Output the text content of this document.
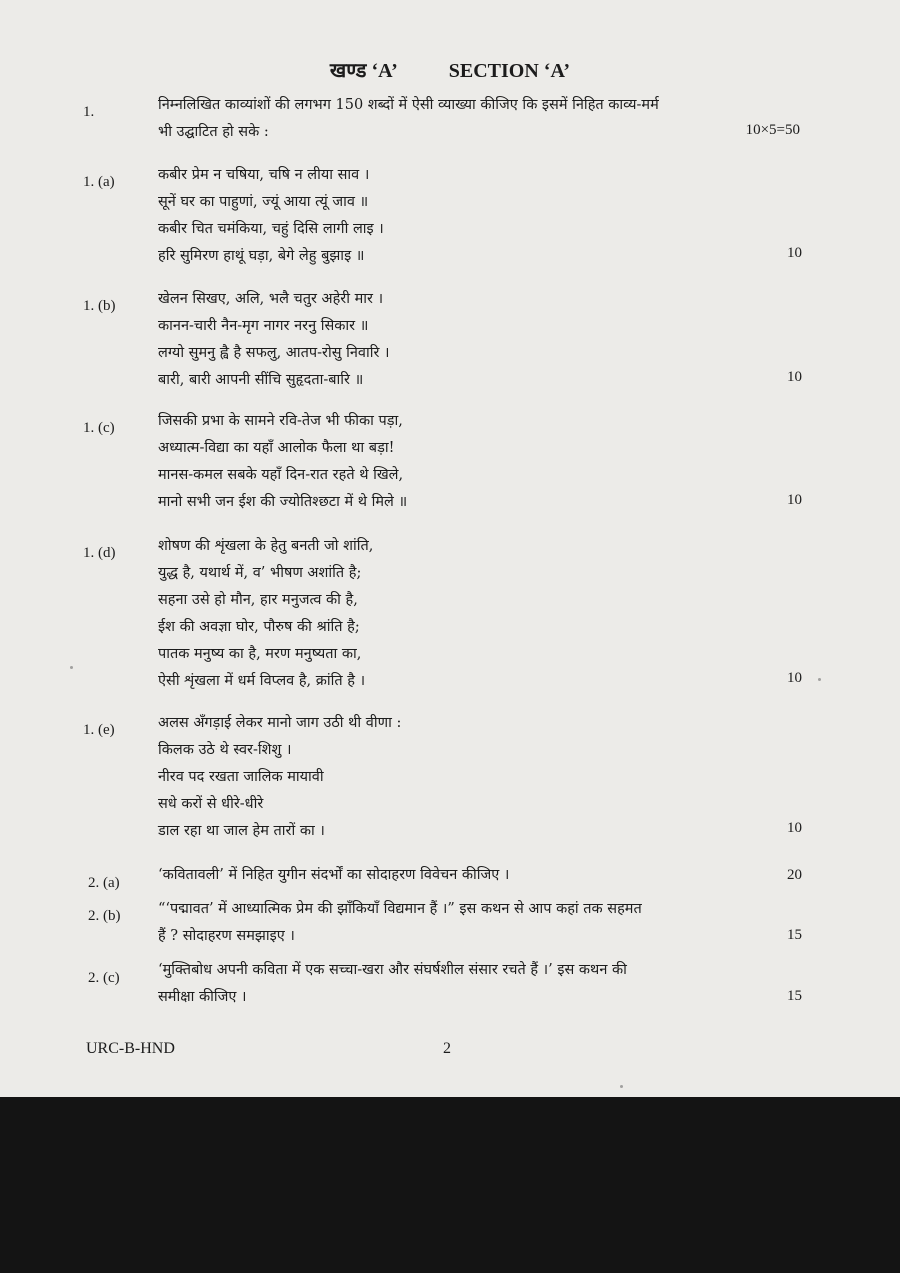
खण्ड ‘A’	SECTION ‘A’
1.	निम्नलिखित काव्यांशों की लगभग 150 शब्दों में ऐसी व्याख्या कीजिए कि इसमें निहित काव्य-मर्म
भी उद्घाटित हो सके :	10×5=50
1. (a)	कबीर प्रेम न चषिया, चषि न लीया साव ।
सूनें घर का पाहुणां, ज्यूं आया त्यूं जाव ॥
कबीर चित चमंकिया, चहुं दिसि लागी लाइ ।
हरि सुमिरण हाथूं घड़ा, बेगे लेहु बुझाइ ॥	10
1. (b)	खेलन सिखए, अलि, भलै चतुर अहेरी मार ।
कानन-चारी नैन-मृग नागर नरनु सिकार ॥
लग्यो सुमनु ह्वै है सफलु, आतप-रोसु निवारि ।
बारी, बारी आपनी सींचि सुहृदता-बारि ॥	10
1. (c)	जिसकी प्रभा के सामने रवि-तेज भी फीका पड़ा,
अध्यात्म-विद्या का यहाँ आलोक फैला था बड़ा!
मानस-कमल सबके यहाँ दिन-रात रहते थे खिले,
मानो सभी जन ईश की ज्योतिश्छटा में थे मिले ॥	10
1. (d)	शोषण की शृंखला के हेतु बनती जो शांति,
युद्ध है, यथार्थ में, व’ भीषण अशांति है;
सहना उसे हो मौन, हार मनुजत्व की है,
ईश की अवज्ञा घोर, पौरुष की श्रांति है;
पातक मनुष्य का है, मरण मनुष्यता का,
ऐसी शृंखला में धर्म विप्लव है, क्रांति है ।	10
1. (e)	अलस अँगड़ाई लेकर मानो जाग उठी थी वीणा :
किलक उठे थे स्वर-शिशु ।
नीरव पद रखता जालिक मायावी
सधे करों से धीरे-धीरे
डाल रहा था जाल हेम तारों का ।	10
2. (a)	‘कवितावली’ में निहित युगीन संदर्भों का सोदाहरण विवेचन कीजिए ।	20
2. (b)	“‘पद्मावत’ में आध्यात्मिक प्रेम की झाँकियाँ विद्यमान हैं ।” इस कथन से आप कहां तक सहमत
हैं ? सोदाहरण समझाइए ।	15
2. (c)	‘मुक्तिबोध अपनी कविता में एक सच्चा-खरा और संघर्षशील संसार रचते हैं ।’ इस कथन की
समीक्षा कीजिए ।	15
URC-B-HND	2
